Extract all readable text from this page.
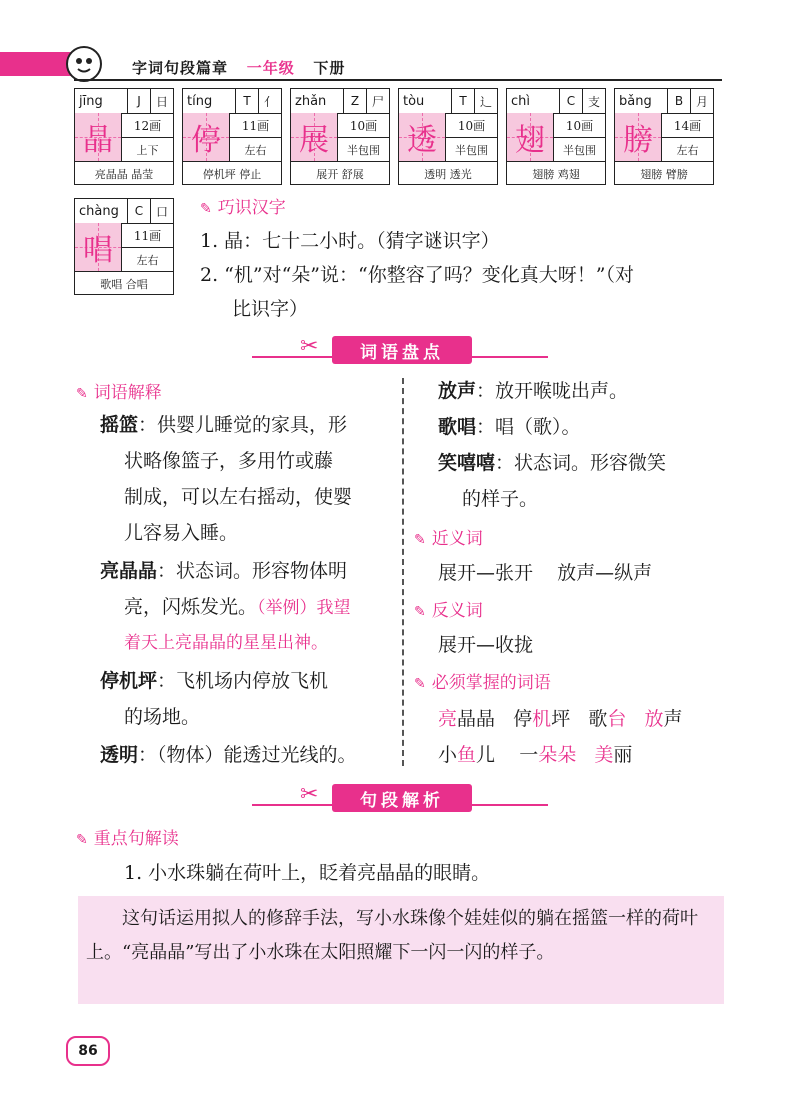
字词句段篇章 一年级 下册
jīng	J	日
晶	12画
上下
亮晶晶 晶莹
tíng	T	亻
停	11画
左右
停机坪 停止
zhǎn	Z	尸
展	10画
半包围
展开 舒展
tòu	T	辶
透	10画
半包围
透明 透光
chì	C	支
翅	10画
半包围
翅膀 鸡翅
bǎng	B	月
膀	14画
左右
翅膀 臂膀
chàng	C	口
唱	11画
左右
歌唱 合唱
✎ 巧识汉字
1. 晶：七十二小时。（猜字谜识字）
2. “机”对“朵”说：“你整容了吗？变化真大呀！”（对
比识字）
✂	词语盘点
✎ 词语解释
摇篮：供婴儿睡觉的家具，形
状略像篮子，多用竹或藤
制成，可以左右摇动，使婴
儿容易入睡。
亮晶晶：状态词。形容物体明
亮，闪烁发光。（举例）我望
着天上亮晶晶的星星出神。
停机坪：飞机场内停放飞机
的场地。
透明：（物体）能透过光线的。
放声：放开喉咙出声。
歌唱：唱（歌）。
笑嘻嘻：状态词。形容微笑
的样子。
✎ 近义词
展开—张开    放声—纵声
✎ 反义词
展开—收拢
✎ 必须掌握的词语
亮晶晶 停机坪 歌台 放声
小鱼儿 一朵朵 美丽
✂	句段解析
✎ 重点句解读
1. 小水珠躺在荷叶上，眨着亮晶晶的眼睛。
这句话运用拟人的修辞手法，写小水珠像个娃娃似的躺在摇篮一样的荷叶上。“亮晶晶”写出了小水珠在太阳照耀下一闪一闪的样子。
86
